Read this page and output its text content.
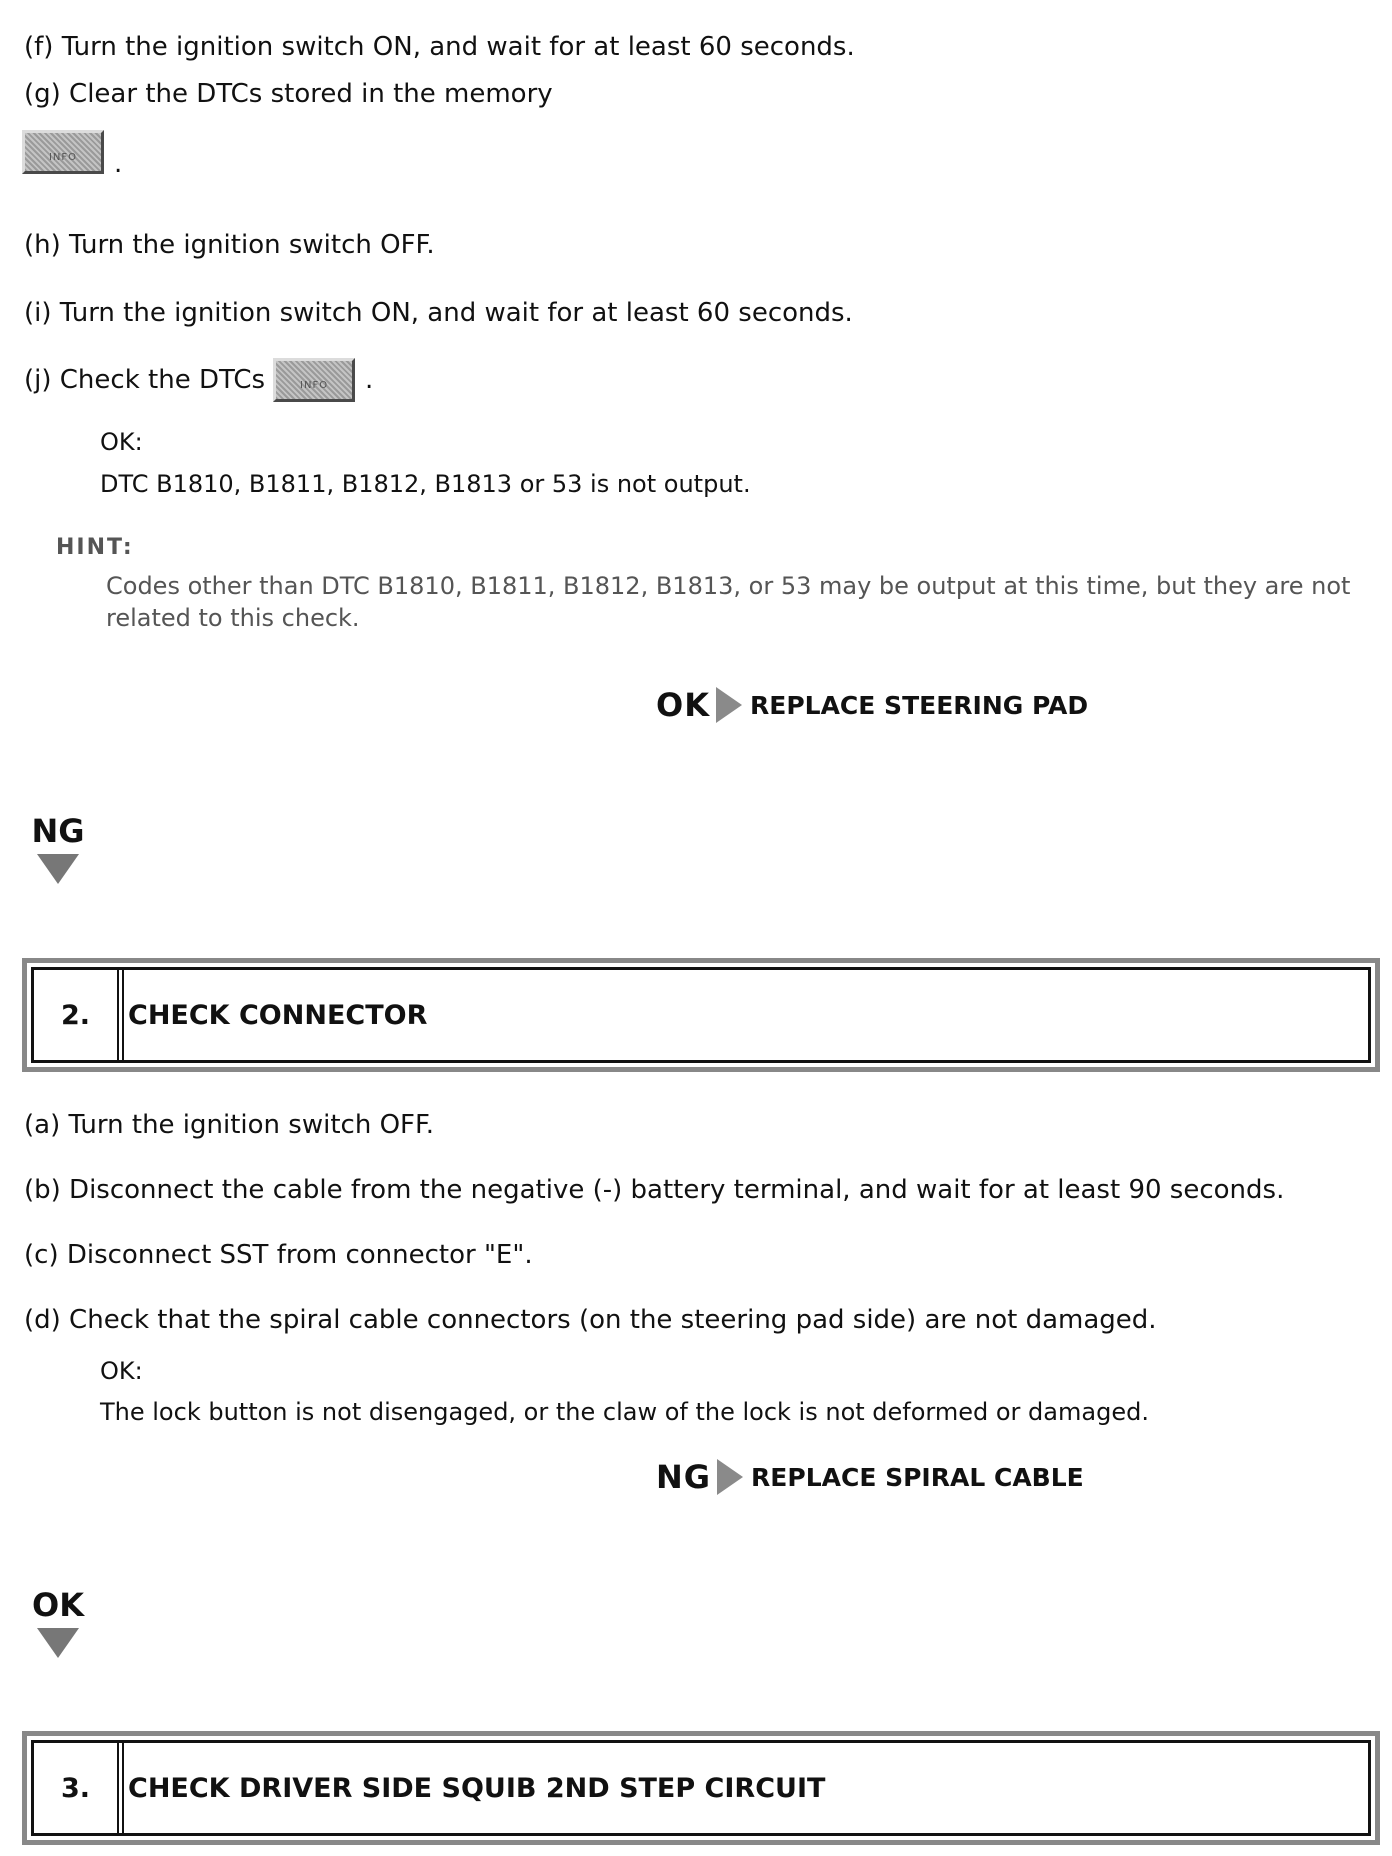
(f) Turn the ignition switch ON, and wait for at least 60 seconds.
(g) Clear the DTCs stored in the memory
INFO	.
(h) Turn the ignition switch OFF.
(i) Turn the ignition switch ON, and wait for at least 60 seconds.
(j) Check the DTCs	INFO	.
OK:
DTC B1810, B1811, B1812, B1813 or 53 is not output.
HINT:
Codes other than DTC B1810, B1811, B1812, B1813, or 53 may be output at this time, but they are not related to this check.
OK REPLACE STEERING PAD
NG
2.	CHECK CONNECTOR
(a) Turn the ignition switch OFF.
(b) Disconnect the cable from the negative (-) battery terminal, and wait for at least 90 seconds.
(c) Disconnect SST from connector "E".
(d) Check that the spiral cable connectors (on the steering pad side) are not damaged.
OK:
The lock button is not disengaged, or the claw of the lock is not deformed or damaged.
NG REPLACE SPIRAL CABLE
OK
3.	CHECK DRIVER SIDE SQUIB 2ND STEP CIRCUIT
